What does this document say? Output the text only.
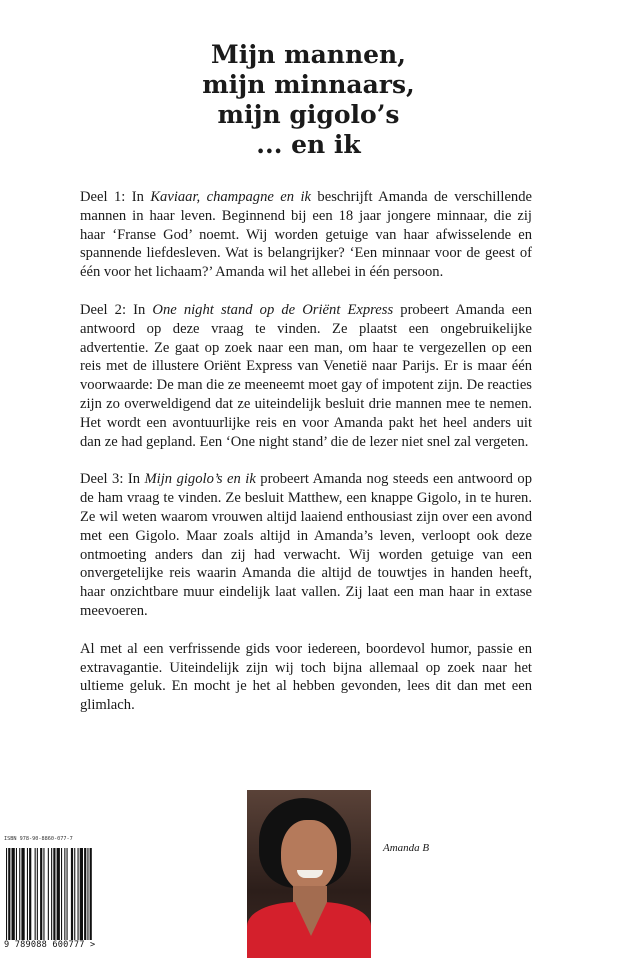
Mijn mannen,
mijn minnaars,
mijn gigolo’s
... en ik

Deel 1: In Kaviaar, champagne en ik beschrijft Amanda de verschillende mannen in haar leven. Beginnend bij een 18 jaar jongere minnaar, die zij haar ‘Franse God’ noemt. Wij worden getuige van haar afwisselende en spannende liefdesleven. Wat is belangrijker? ‘Een minnaar voor de geest of één voor het lichaam?’ Amanda wil het allebei in één persoon.

Deel 2: In One night stand op de Oriënt Express probeert Amanda een antwoord op deze vraag te vinden. Ze plaatst een ongebruikelijke advertentie. Ze gaat op zoek naar een man, om haar te vergezellen op een reis met de illustere Oriënt Express van Venetië naar Parijs. Er is maar één voorwaarde: De man die ze meeneemt moet gay of impotent zijn. De reacties zijn zo overweldigend dat ze uiteindelijk besluit drie mannen mee te nemen. Het wordt een avontuurlijke reis en voor Amanda pakt het heel anders uit dan ze had gepland. Een ‘One night stand’ die de lezer niet snel zal vergeten.

Deel 3: In Mijn gigolo’s en ik probeert Amanda nog steeds een antwoord op de ham vraag te vinden. Ze besluit Matthew, een knappe Gigolo, in te huren. Ze wil weten waarom vrouwen altijd laaiend enthousiast zijn over een avond met een Gigolo. Maar zoals altijd in Amanda’s leven, verloopt ook deze ontmoeting anders dan zij had verwacht. Wij worden getuige van een onvergetelijke reis waarin Amanda die altijd de touwtjes in handen heeft, haar onzichtbare muur eindelijk laat vallen. Zij laat een man haar in extase meevoeren.

Al met al een verfrissende gids voor iedereen, boordevol humor, passie en extravagantie. Uiteindelijk zijn wij toch bijna allemaal op zoek naar het ultieme geluk. En mocht je het al hebben gevonden, lees dit dan met een glimlach.

Amanda B
ISBN 978-90-8860-077-7
9 789088 600777 >
